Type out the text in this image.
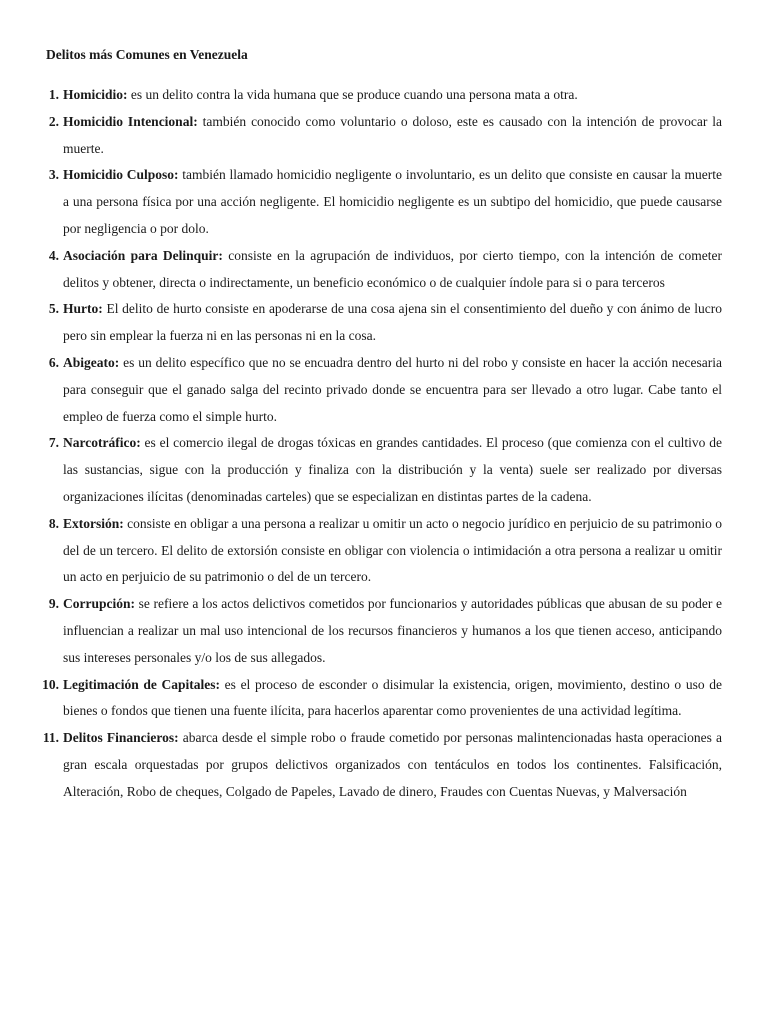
Delitos más Comunes en Venezuela
1. Homicidio: es un delito contra la vida humana que se produce cuando una persona mata a otra.
2. Homicidio Intencional: también conocido como voluntario o doloso, este es causado con la intención de provocar la muerte.
3. Homicidio Culposo: también llamado homicidio negligente o involuntario, es un delito que consiste en causar la muerte a una persona física por una acción negligente. El homicidio negligente es un subtipo del homicidio, que puede causarse por negligencia o por dolo.
4. Asociación para Delinquir: consiste en la agrupación de individuos, por cierto tiempo, con la intención de cometer delitos y obtener, directa o indirectamente, un beneficio económico o de cualquier índole para si o para terceros
5. Hurto: El delito de hurto consiste en apoderarse de una cosa ajena sin el consentimiento del dueño y con ánimo de lucro pero sin emplear la fuerza ni en las personas ni en la cosa.
6. Abigeato: es un delito específico que no se encuadra dentro del hurto ni del robo y consiste en hacer la acción necesaria para conseguir que el ganado salga del recinto privado donde se encuentra para ser llevado a otro lugar. Cabe tanto el empleo de fuerza como el simple hurto.
7. Narcotráfico: es el comercio ilegal de drogas tóxicas en grandes cantidades. El proceso (que comienza con el cultivo de las sustancias, sigue con la producción y finaliza con la distribución y la venta) suele ser realizado por diversas organizaciones ilícitas (denominadas carteles) que se especializan en distintas partes de la cadena.
8. Extorsión: consiste en obligar a una persona a realizar u omitir un acto o negocio jurídico en perjuicio de su patrimonio o del de un tercero. El delito de extorsión consiste en obligar con violencia o intimidación a otra persona a realizar u omitir un acto en perjuicio de su patrimonio o del de un tercero.
9. Corrupción: se refiere a los actos delictivos cometidos por funcionarios y autoridades públicas que abusan de su poder e influencian a realizar un mal uso intencional de los recursos financieros y humanos a los que tienen acceso, anticipando sus intereses personales y/o los de sus allegados.
10. Legitimación de Capitales: es el proceso de esconder o disimular la existencia, origen, movimiento, destino o uso de bienes o fondos que tienen una fuente ilícita, para hacerlos aparentar como provenientes de una actividad legítima.
11. Delitos Financieros: abarca desde el simple robo o fraude cometido por personas malintencionadas hasta operaciones a gran escala orquestadas por grupos delictivos organizados con tentáculos en todos los continentes. Falsificación, Alteración, Robo de cheques, Colgado de Papeles, Lavado de dinero, Fraudes con Cuentas Nuevas, y Malversación
